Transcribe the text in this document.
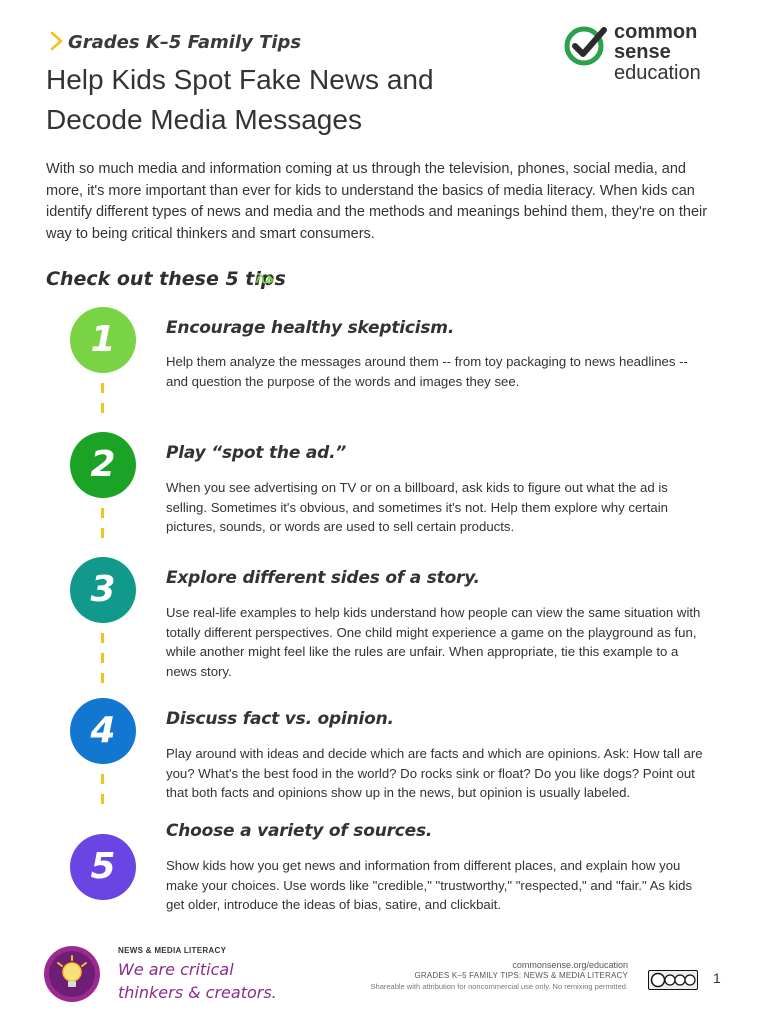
Grades K–5 Family Tips
Help Kids Spot Fake News and
Decode Media Messages
common
sense
education
With so much media and information coming at us through the television, phones, social media, and more, it's more important than ever for kids to understand the basics of media literacy. When kids can identify different types of news and media and the methods and meanings behind them, they're on their way to being critical thinkers and smart consumers.
Check out these 5 tips
1	Encourage healthy skepticism.
Help them analyze the messages around them -- from toy packaging to news headlines -- and question the purpose of the words and images they see.
2	Play “spot the ad.”
When you see advertising on TV or on a billboard, ask kids to figure out what the ad is selling. Sometimes it's obvious, and sometimes it's not. Help them explore why certain pictures, sounds, or words are used to sell certain products.
3	Explore different sides of a story.
Use real-life examples to help kids understand how people can view the same situation with totally different perspectives. One child might experience a game on the playground as fun, while another might feel like the rules are unfair. When appropriate, tie this example to a news story.
4	Discuss fact vs. opinion.
Play around with ideas and decide which are facts and which are opinions. Ask: How tall are you? What's the best food in the world? Do rocks sink or float? Do you like dogs? Point out that both facts and opinions show up in the news, but opinion is usually labeled.
5
Choose a variety of sources.
Show kids how you get news and information from different places, and explain how you make your choices. Use words like "credible," "trustworthy," "respected," and "fair." As kids get older, introduce the ideas of bias, satire, and clickbait.
NEWS & MEDIA LITERACY
We are critical
thinkers & creators.
commonsense.org/education
GRADES K–5 FAMILY TIPS: NEWS & MEDIA LITERACY
Shareable with attribution for noncommercial use only. No remixing permitted.
1
